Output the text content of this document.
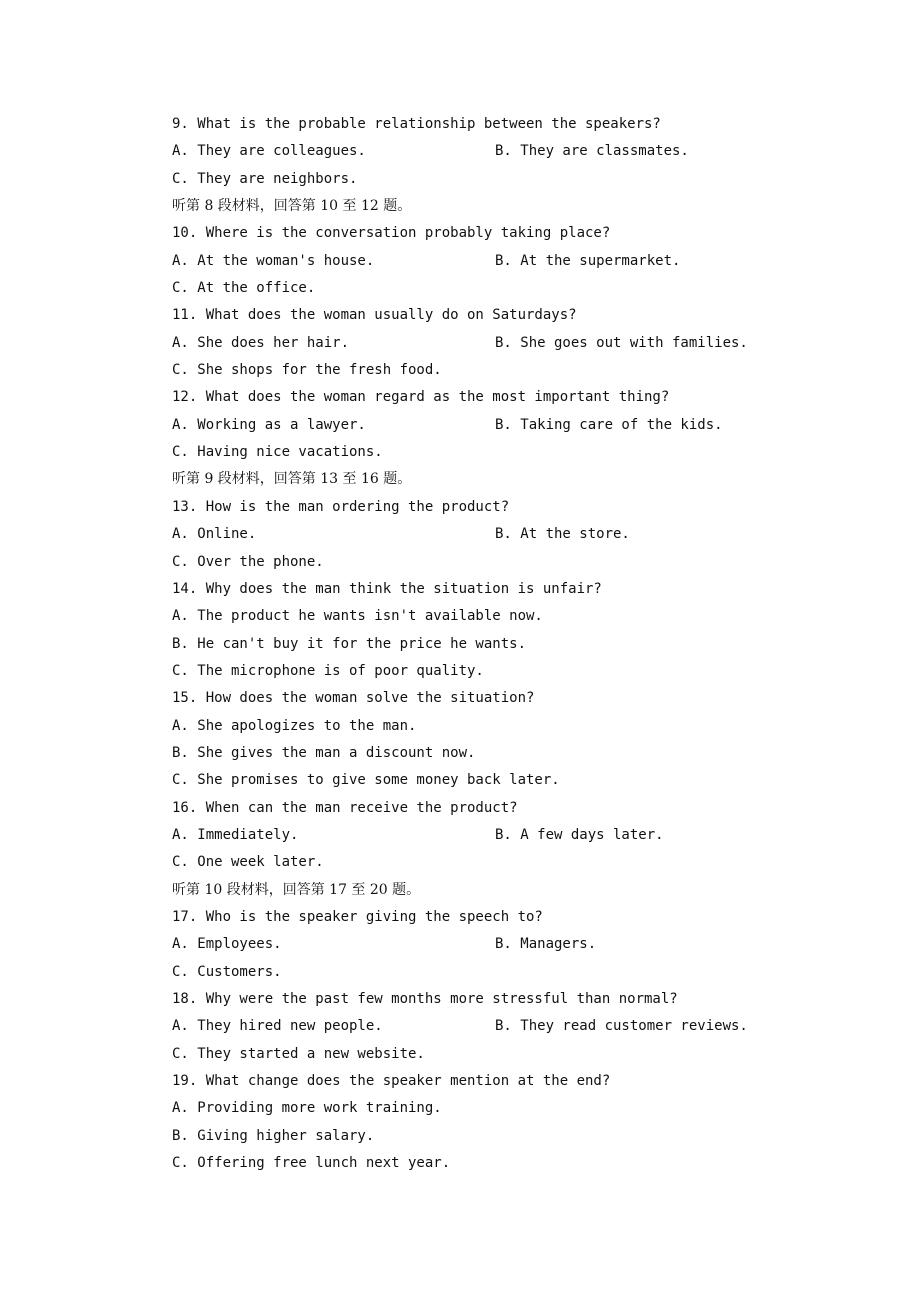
9. What is the probable relationship between the speakers?
A. They are colleagues.	B. They are classmates.
C. They are neighbors.
听第 8 段材料，回答第 10 至 12 题。
10. Where is the conversation probably taking place?
A. At the woman's house.	B. At the supermarket.
C. At the office.
11. What does the woman usually do on Saturdays?
A. She does her hair.	B. She goes out with families.
C. She shops for the fresh food.
12. What does the woman regard as the most important thing?
A. Working as a lawyer.	B. Taking care of the kids.
C. Having nice vacations.
听第 9 段材料，回答第 13 至 16 题。
13. How is the man ordering the product?
A. Online.	B. At the store.
C. Over the phone.
14. Why does the man think the situation is unfair?
A. The product he wants isn't available now.
B. He can't buy it for the price he wants.
C. The microphone is of poor quality.
15. How does the woman solve the situation?
A. She apologizes to the man.
B. She gives the man a discount now.
C. She promises to give some money back later.
16. When can the man receive the product?
A. Immediately.	B. A few days later.
C. One week later.
听第 10 段材料，回答第 17 至 20 题。
17. Who is the speaker giving the speech to?
A. Employees.	B. Managers.
C. Customers.
18. Why were the past few months more stressful than normal?
A. They hired new people.	B. They read customer reviews.
C. They started a new website.
19. What change does the speaker mention at the end?
A. Providing more work training.
B. Giving higher salary.
C. Offering free lunch next year.
